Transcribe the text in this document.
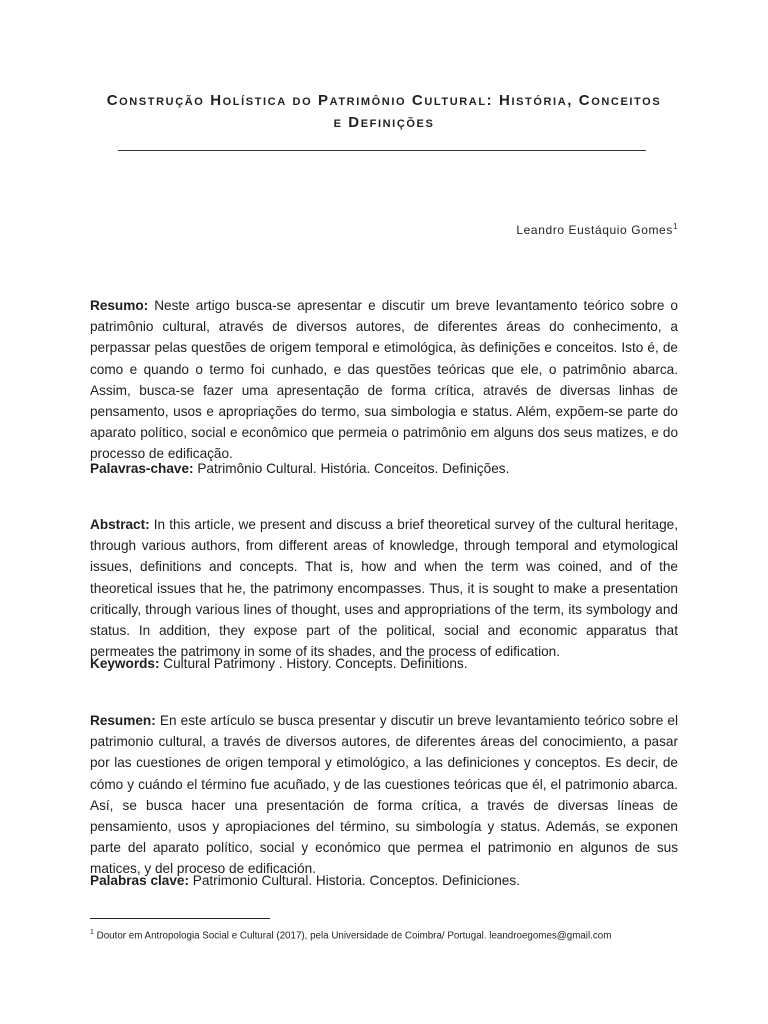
Construção Holística do Patrimônio Cultural: História, Conceitos
e Definições
Leandro Eustáquio Gomes$^1$
Resumo: Neste artigo busca-se apresentar e discutir um breve levantamento teórico sobre o patrimônio cultural, através de diversos autores, de diferentes áreas do conhecimento, a perpassar pelas questões de origem temporal e etimológica, às definições e conceitos. Isto é, de como e quando o termo foi cunhado, e das questões teóricas que ele, o patrimônio abarca. Assim, busca-se fazer uma apresentação de forma crítica, através de diversas linhas de pensamento, usos e apropriações do termo, sua simbologia e status. Além, expõem-se parte do aparato político, social e econômico que permeia o patrimônio em alguns dos seus matizes, e do processo de edificação.
Palavras-chave: Patrimônio Cultural. História. Conceitos. Definições.
Abstract: In this article, we present and discuss a brief theoretical survey of the cultural heritage, through various authors, from different areas of knowledge, through temporal and etymological issues, definitions and concepts. That is, how and when the term was coined, and of the theoretical issues that he, the patrimony encompasses. Thus, it is sought to make a presentation critically, through various lines of thought, uses and appropriations of the term, its symbology and status. In addition, they expose part of the political, social and economic apparatus that permeates the patrimony in some of its shades, and the process of edification.
Keywords: Cultural Patrimony . History. Concepts. Definitions.
Resumen: En este artículo se busca presentar y discutir un breve levantamiento teórico sobre el patrimonio cultural, a través de diversos autores, de diferentes áreas del conocimiento, a pasar por las cuestiones de origen temporal y etimológico, a las definiciones y conceptos. Es decir, de cómo y cuándo el término fue acuñado, y de las cuestiones teóricas que él, el patrimonio abarca. Así, se busca hacer una presentación de forma crítica, a través de diversas líneas de pensamiento, usos y apropiaciones del término, su simbología y status. Además, se exponen parte del aparato político, social y económico que permea el patrimonio en algunos de sus matices, y del proceso de edificación.
Palabras clave: Patrimonio Cultural. Historia. Conceptos. Definiciones.
$^1$ Doutor em Antropologia Social e Cultural (2017), pela Universidade de Coimbra/ Portugal. leandroegomes@gmail.com
